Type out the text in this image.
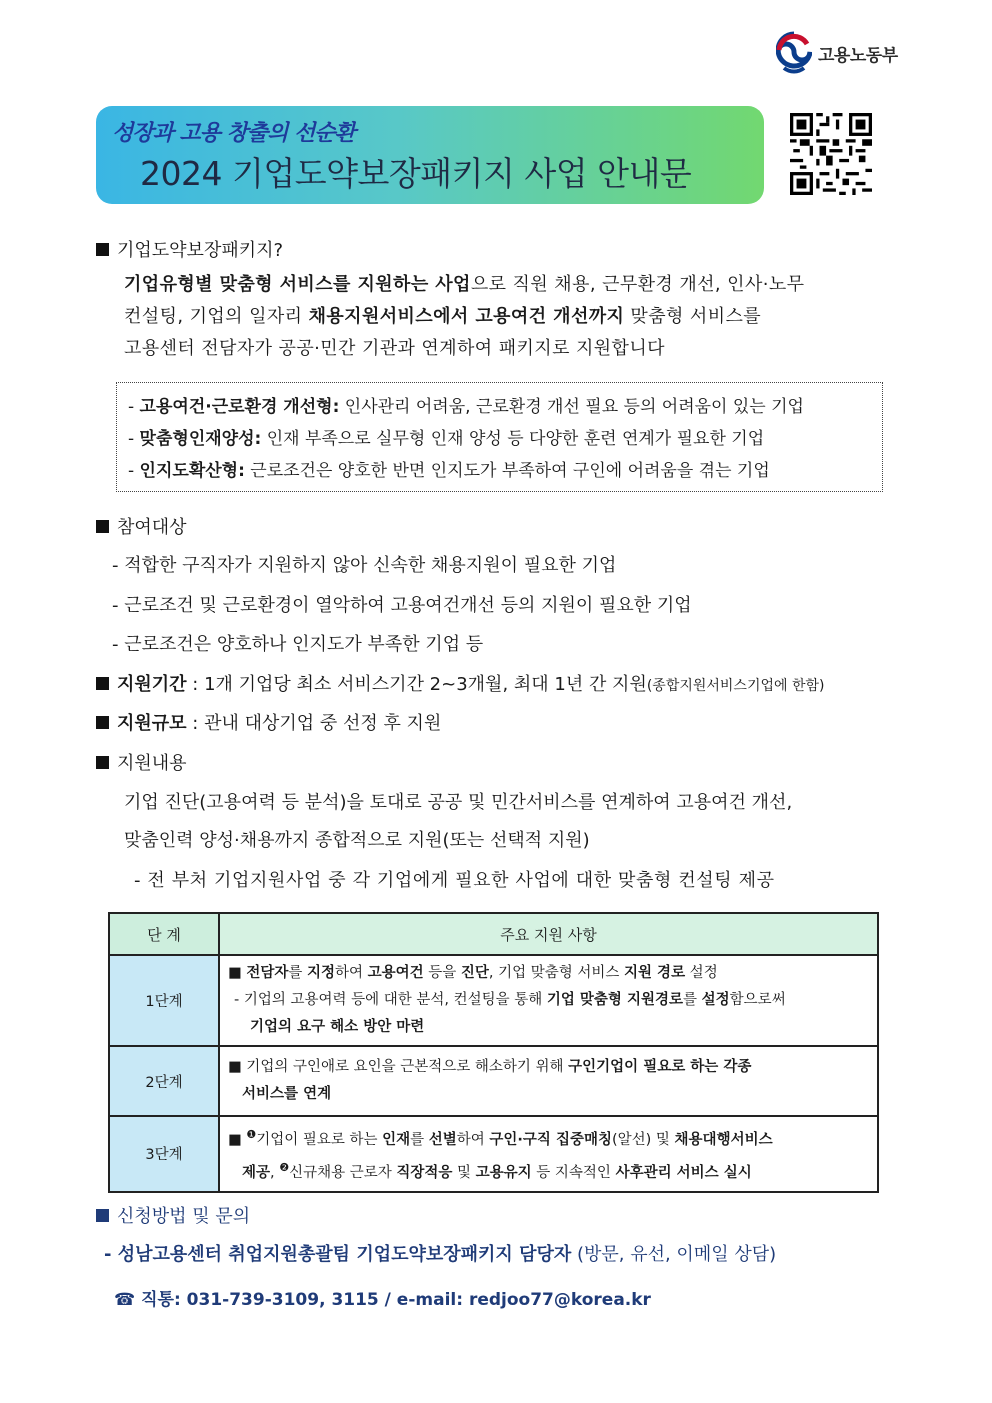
고용노동부
성장과 고용 창출의 선순환
2024 기업도약보장패키지 사업 안내문
기업도약보장패키지?
기업유형별 맞춤형 서비스를 지원하는 사업으로 직원 채용, 근무환경 개선, 인사·노무
컨설팅, 기업의 일자리 채용지원서비스에서 고용여건 개선까지 맞춤형 서비스를
고용센터 전담자가 공공·민간 기관과 연계하여 패키지로 지원합니다
- 고용여건·근로환경 개선형: 인사관리 어려움, 근로환경 개선 필요 등의 어려움이 있는 기업
- 맞춤형인재양성: 인재 부족으로 실무형 인재 양성 등 다양한 훈련 연계가 필요한 기업
- 인지도확산형: 근로조건은 양호한 반면 인지도가 부족하여 구인에 어려움을 겪는 기업
참여대상
- 적합한 구직자가 지원하지 않아 신속한 채용지원이 필요한 기업
- 근로조건 및 근로환경이 열악하여 고용여건개선 등의 지원이 필요한 기업
- 근로조건은 양호하나 인지도가 부족한 기업 등
지원기간 : 1개 기업당 최소 서비스기간 2~3개월, 최대 1년 간 지원(종합지원서비스기업에 한함)
지원규모 : 관내 대상기업 중 선정 후 지원
지원내용
기업 진단(고용여력 등 분석)을 토대로 공공 및 민간서비스를 연계하여 고용여건 개선,
맞춤인력 양성·채용까지 종합적으로 지원(또는 선택적 지원)
- 전 부처 기업지원사업 중 각 기업에게 필요한 사업에 대한 맞춤형 컨설팅 제공
단 계	주요 지원 사항
1단계	■ 전담자를 지정하여 고용여건 등을 진단, 기업 맞춤형 서비스 지원 경로 설정
- 기업의 고용여력 등에 대한 분석, 컨설팅을 통해 기업 맞춤형 지원경로를 설정함으로써
기업의 요구 해소 방안 마련

2단계	■ 기업의 구인애로 요인을 근본적으로 해소하기 위해 구인기업이 필요로 하는 각종
서비스를 연계

3단계	■ $^❶$기업이 필요로 하는 인재를 선별하여 구인·구직 집중매칭(알선) 및 채용대행서비스
제공, $^❷$신규채용 근로자 직장적응 및 고용유지 등 지속적인 사후관리 서비스 실시
신청방법 및 문의
- 성남고용센터 취업지원총괄팀 기업도약보장패키지 담당자 (방문, 유선, 이메일 상담)
☎ 직통: 031-739-3109, 3115 / e-mail: redjoo77@korea.kr
